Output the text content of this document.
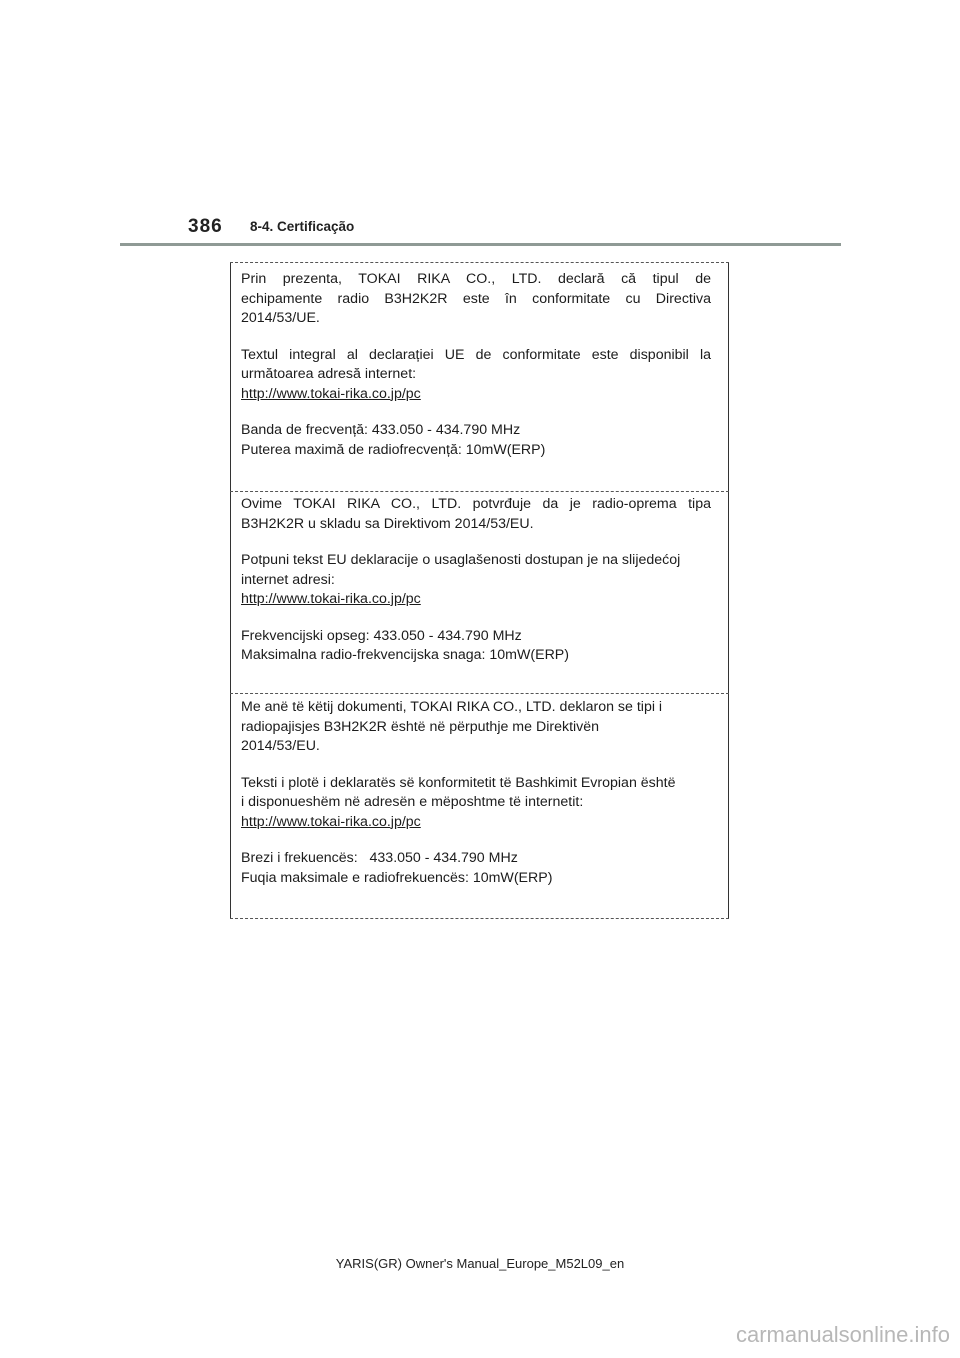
386 8-4. Certificação

Prin prezenta, TOKAI RIKA CO., LTD. declară că tipul de

echipamente radio B3H2K2R este în conformitate cu Directiva

2014/53/UE.

Textul integral al declarației UE de conformitate este disponibil la

următoarea adresă internet:

http://www.tokai-rika.co.jp/pc

Banda de frecvență: 433.050 - 434.790 MHz

Puterea maximă de radiofrecvență: 10mW(ERP)

Ovime TOKAI RIKA CO., LTD. potvrđuje da je radio-oprema tipa

B3H2K2R u skladu sa Direktivom 2014/53/EU.

Potpuni tekst EU deklaracije o usaglašenosti dostupan je na slijedećoj

internet adresi:

http://www.tokai-rika.co.jp/pc

Frekvencijski opseg: 433.050 - 434.790 MHz

Maksimalna radio-frekvencijska snaga: 10mW(ERP)

Me anë të këtij dokumenti, TOKAI RIKA CO., LTD. deklaron se tipi i

radiopajisjes B3H2K2R është në përputhje me Direktivën

2014/53/EU.

Teksti i plotë i deklaratës së konformitetit të Bashkimit Evropian është

i disponueshëm në adresën e mëposhtme të internetit:

http://www.tokai-rika.co.jp/pc

Brezi i frekuencës:   433.050 - 434.790 MHz

Fuqia maksimale e radiofrekuencës: 10mW(ERP)

YARIS(GR) Owner's Manual_Europe_M52L09_en
carmanualsonline.info
